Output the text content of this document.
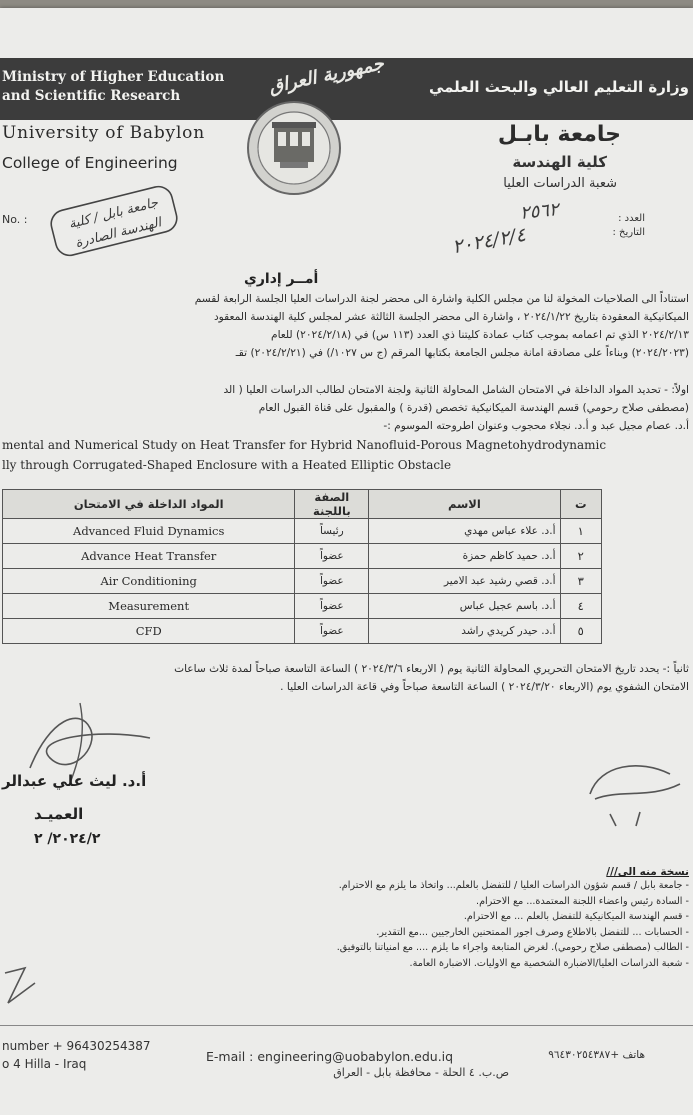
Ministry of Higher Education and Scientific Research	وزارة التعليم العالي والبحث العلمي
جمهورية العراق
University of Babylon
College of Engineering
جامعة بابـل
كلية الهندسة
شعبة الدراسات العليا
No. :	جامعة بابل / كلية الهندسة الصادرة	العدد :
التاريخ :
٢٥٦٢
٢٠٢٤/٢/٤
أمــر إداري
استناداً الى الصلاحيات المخولة لنا من مجلس الكلية واشارة الى محضر لجنة الدراسات العليا الجلسة الرابعة لقسم
الميكانيكية المعقودة بتاريخ ٢٠٢٤/١/٢٢ ، واشارة الى محضر الجلسة الثالثة عشر لمجلس كلية الهندسة المعقود
٢٠٢٤/٢/١٣ الذي تم اعمامه بموجب كتاب عمادة كليتنا ذي العدد (١١٣ س) في (٢٠٢٤/٢/١٨) للعام
(٢٠٢٤/٢٠٢٣) وبناءاً على مصادقة امانة مجلس الجامعة بكتابها المرقم (ج س ١٠٢٧/) في (٢٠٢٤/٢/٢١) تقـ
اولاً: - تحديد المواد الداخلة في الامتحان الشامل المحاولة الثانية ولجنة الامتحان لطالب الدراسات العليا ( الد
(مصطفى صلاح رحومي) قسم الهندسة الميكانيكية تخصص (قدرة ) والمقبول على قناة القبول العام
أ.د. عصام مجيل عبد و أ.د. نجلاء محجوب وعنوان اطروحته الموسوم :-
mental and Numerical Study on Heat Transfer for Hybrid Nanofluid-Porous Magnetohydrodynamic
lly through Corrugated-Shaped Enclosure with a Heated Elliptic Obstacle
المواد الداخلة في الامتحان	الصفة باللجنة	الاسم	ت
Advanced Fluid Dynamics	رئيساً	أ.د. علاء عباس مهدي	١
Advance Heat Transfer	عضواً	أ.د. حميد كاظم حمزة	٢
Air Conditioning	عضواً	أ.د. قصي رشيد عبد الامير	٣
Measurement	عضواً	أ.د. باسم عجيل عباس	٤
CFD	عضواً	أ.د. حيدر كريدي راشد	٥
ثانياً :- يحدد تاريخ الامتحان التحريري المحاولة الثانية يوم ( الاربعاء ٢٠٢٤/٣/٦ ) الساعة التاسعة صباحاً لمدة ثلاث ساعات
الامتحان الشفوي يوم (الاربعاء ٢٠٢٤/٣/٢٠ ) الساعة التاسعة صباحاً وفي قاعة الدراسات العليا .
أ.د. ليث علي عبدالر
العميـد
٢٠٢٤/٢/ ٢
نسخة منه الى///
- جامعة بابل / قسم شؤون الدراسات العليا / للتفضل بالعلم... واتخاذ ما يلزم مع الاحترام.
- السادة رئيس واعضاء اللجنة المعتمدة... مع الاحترام.
- قسم الهندسة الميكانيكية للتفضل بالعلم ... مع الاحترام.
- الحسابات ... للتفضل بالاطلاع وصرف اجور الممتحنين الخارجيين ...مع التقدير.
- الطالب (مصطفى صلاح رحومي). لغرض المتابعة واجراء ما يلزم .... مع امنياتنا بالتوفيق.
- شعبة الدراسات العليا/الاضبارة الشخصية مع الاوليات. الاضبارة العامة.
number + 96430254387
o 4 Hilla - Iraq	E-mail : engineering@uobabylon.edu.iq	هاتف +٩٦٤٣٠٢٥٤٣٨٧
ص.ب. ٤ الحلة - محافظة بابل - العراق
